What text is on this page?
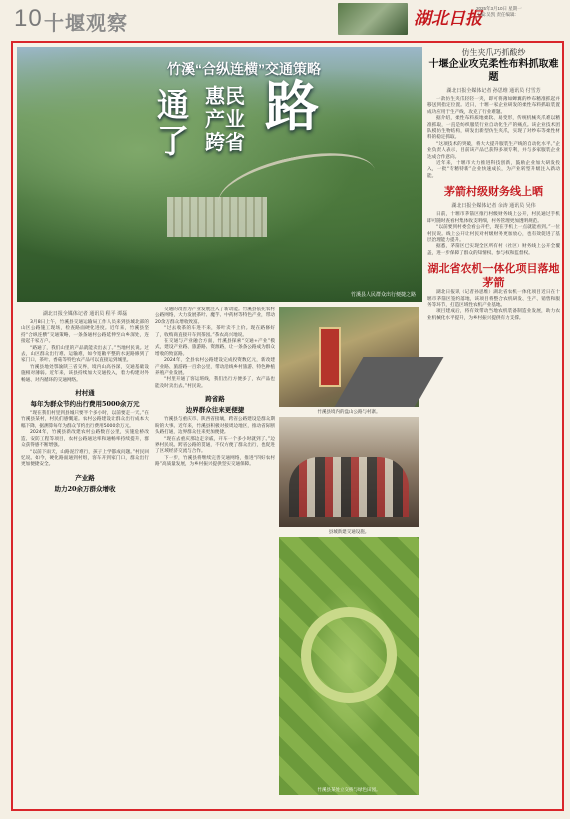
10 十堰观察	湖北日报
2025年3月10日 星期一
主编:吴凯 责任编辑:
竹溪“合纵连横”交通策略
通了
惠民产业跨省
路
竹溪县人民群众出行便捷之路
湖北日报全媒体记者 通讯员 程平 谭磊

3月8日上午，竹溪县交通运输局工作人员来到县城北部的山区公路施工现场，检查路面硬化进度。近年来，竹溪县坚持“合纵连横”交通策略，一条条通村公路延伸至山乡深处，连接起千家万户。

“路通了，我们山里的产品就能卖出去了。”当地村民说。过去，山区群众出行难、运输难，如今宽敞平整的水泥路修到了家门口，茶叶、香菇等特色农产品可以直接运到城里。

竹溪县地处鄂渝陕三省交界，境内山高谷深，交通基础设施相对薄弱。近年来，该县持续加大交通投入，着力构建对外畅通、对内循环的交通网络。

村村通
每年为群众节约出行费用5000余万元

“现在我们村里到县城只要半个多小时，以前要走一天。”在竹溪县某村，村民们感慨道。农村公路建设让群众出行成本大幅下降，据测算每年为群众节约出行费用5000余万元。

2024年，竹溪县新改建农村公路数百公里，实施危桥改造、安防工程等项目，农村公路通达率和通畅率持续提升，群众获得感不断增强。

“以前下雨天，山路泥泞难行，孩子上学都成问题。”村民回忆说。如今，硬化路面通到村组，客车开到家门口，群众出行更加便捷安全。

产业路
助力20余万群众增收

交通的改善为产业发展注入了新动能。竹溪县依托农村公路网络，大力发展茶叶、魔芋、中药材等特色产业，带动20余万群众增收致富。

“过去收茶的车进不来，茶叶卖不上价。现在路修好了，收购商直接开车到茶园。”茶农高兴地说。

在交通与产业融合方面，竹溪县探索“交通+产业”模式，建设产业路、旅游路、资源路，让一条条公路成为群众增收的致富路。

2024年，全县农村公路建设完成投资数亿元，新改建产业路、旅游路一百余公里，带动沿线乡村旅游、特色种植养殖产业发展。

“村里开通了客运班线，我们出行方便多了，农产品也能及时卖出去。”村民说。

跨省路
边界群众往来更便捷

竹溪县与重庆市、陕西省接壤，跨省公路建设是群众期盼的大事。近年来，竹溪县积极对接周边地区，推动省际断头路打通，边界群众往来更加便捷。

“现在去重庆那边走亲戚，开车一个多小时就到了。”边界村民说。跨省公路的贯通，不仅方便了群众出行，也促进了区域经济交流与合作。

下一步，竹溪县将继续完善交通网络，推进“四好农村路”高质量发展，为乡村振兴提供坚实交通保障。

竹溪县境内的盘山公路与村寨。
县城新建交通设施。
竹溪县某处立交桥与绿色田园。
仿生夹爪巧抓酸纱
十堰企业攻克柔性布料抓取难题
湖北日报全媒体记者 孙思维 通讯员 付雪芳

一款仿生夹爪轻轻一夹，即可将薄如蝉翼的纱布精准抓起并移送到指定位置。近日，十堰一家企业研发的柔性布料抓取装置成功应用于生产线，攻克了行业难题。

据介绍，柔性布料质地柔软、易变形，传统机械夹爪难以精准抓取，一直是纺织服装行业自动化生产的痛点。该企业技术团队模仿生物结构，研发出新型仿生夹爪，实现了对纱布等柔性材料的稳定抓取。

“这项技术的突破，将大大提升服装生产线的自动化水平。”企业负责人表示，目前该产品已获得多项专利，并与多家服装企业达成合作意向。

近年来，十堰市大力推进科技创新，鼓励企业加大研发投入，一批“专精特新”企业快速成长，为产业转型升级注入新动能。

茅箭村级财务线上晒
湖北日报全媒体记者 余涛 通讯员 吴伟

日前，十堰市茅箭区推行村级财务线上公开，村民通过手机即可随时查看村集体收支明细，村务管理更加透明规范。

“以前要到村委会看公开栏，现在手机上一点就能看到。”一位村民说。线上公开让村民对村级财务更加放心，也有效促进了基层治理能力提升。

据悉，茅箭区已实现全区所有村（社区）财务线上公开全覆盖，进一步保障了群众的知情权、参与权和监督权。

湖北省农机一体化项目落地茅箭

湖北日报讯（记者孙思维）湖北省农机一体化项目近日在十堰市茅箭区签约落地，该项目将整合农机研发、生产、销售和服务等环节，打造区域性农机产业基地。

项目建成后，将有效带动当地农机装备制造业发展，助力农业机械化水平提升，为乡村振兴提供有力支撑。
